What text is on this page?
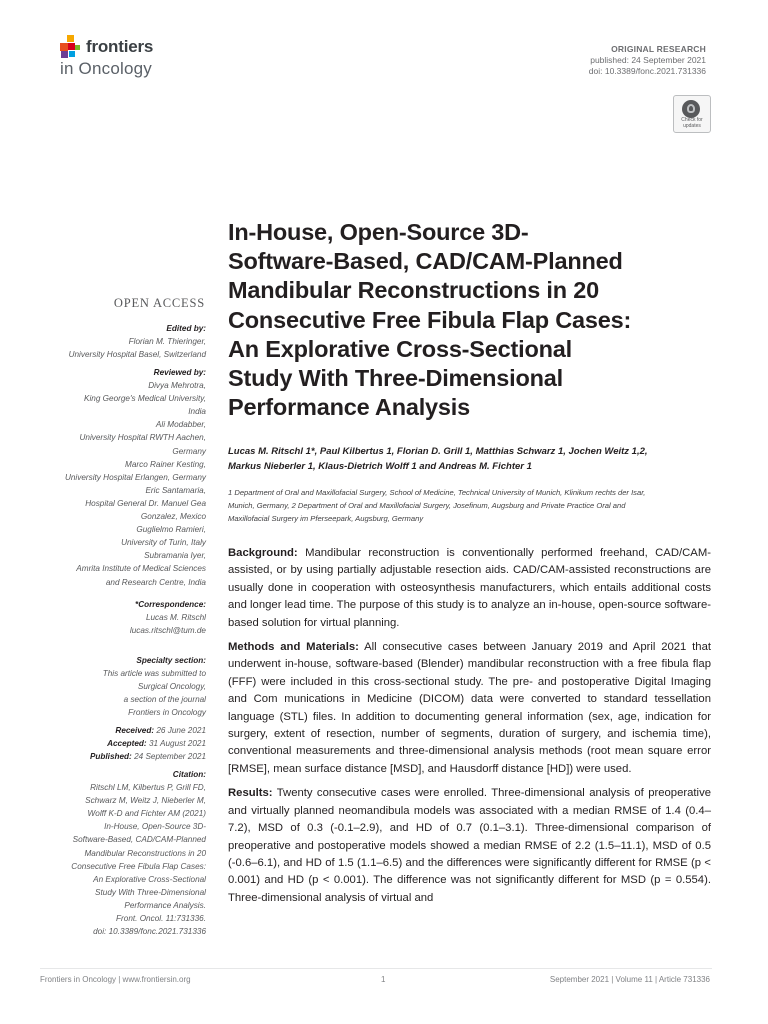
frontiers
in Oncology
ORIGINAL RESEARCH
published: 24 September 2021
doi: 10.3389/fonc.2021.731336
Check for
updates
OPEN ACCESS
Edited by:
Florian M. Thieringer,
University Hospital Basel, Switzerland
Reviewed by:
Divya Mehrotra,
King George's Medical University,
India
Ali Modabber,
University Hospital RWTH Aachen,
Germany
Marco Rainer Kesting,
University Hospital Erlangen, Germany
Eric Santamaria,
Hospital General Dr. Manuel Gea
Gonzalez, Mexico
Guglielmo Ramieri,
University of Turin, Italy
Subramania Iyer,
Amrita Institute of Medical Sciences
and Research Centre, India
*Correspondence:
Lucas M. Ritschl
lucas.ritschl@tum.de
Specialty section:
This article was submitted to
Surgical Oncology,
a section of the journal
Frontiers in Oncology
Received: 26 June 2021
Accepted: 31 August 2021
Published: 24 September 2021
Citation:
Ritschl LM, Kilbertus P, Grill FD,
Schwarz M, Weitz J, Nieberler M,
Wolff K-D and Fichter AM (2021)
In-House, Open-Source 3D-
Software-Based, CAD/CAM-Planned
Mandibular Reconstructions in 20
Consecutive Free Fibula Flap Cases:
An Explorative Cross-Sectional
Study With Three-Dimensional
Performance Analysis.
Front. Oncol. 11:731336.
doi: 10.3389/fonc.2021.731336
In-House, Open-Source 3D-
Software-Based, CAD/CAM-Planned
Mandibular Reconstructions in 20
Consecutive Free Fibula Flap Cases:
An Explorative Cross-Sectional
Study With Three-Dimensional
Performance Analysis
Lucas M. Ritschl 1*, Paul Kilbertus 1, Florian D. Grill 1, Matthias Schwarz 1, Jochen Weitz 1,2,
Markus Nieberler 1, Klaus-Dietrich Wolff 1 and Andreas M. Fichter 1
1 Department of Oral and Maxillofacial Surgery, School of Medicine, Technical University of Munich, Klinikum rechts der Isar,
Munich, Germany, 2 Department of Oral and Maxillofacial Surgery, Josefinum, Augsburg and Private Practice Oral and
Maxillofacial Surgery im Pferseepark, Augsburg, Germany

Background: Mandibular reconstruction is conventionally performed freehand, CAD/CAM-assisted, or by using partially adjustable resection aids. CAD/CAM-assisted reconstructions are usually done in cooperation with osteosynthesis manufacturers, which entails additional costs and longer lead time. The purpose of this study is to analyze an in-house, open-source software-based solution for virtual planning.

Methods and Materials: All consecutive cases between January 2019 and April 2021 that underwent in-house, software-based (Blender) mandibular reconstruction with a free fibula flap (FFF) were included in this cross-sectional study. The pre- and postoperative Digital Imaging and Com munications in Medicine (DICOM) data were converted to standard tessellation language (STL) files. In addition to documenting general information (sex, age, indication for surgery, extent of resection, number of segments, duration of surgery, and ischemia time), conventional measurements and three-dimensional analysis methods (root mean square error [RMSE], mean surface distance [MSD], and Hausdorff distance [HD]) were used.

Results: Twenty consecutive cases were enrolled. Three-dimensional analysis of preoperative and virtually planned neomandibula models was associated with a median RMSE of 1.4 (0.4–7.2), MSD of 0.3 (-0.1–2.9), and HD of 0.7 (0.1–3.1). Three-dimensional comparison of preoperative and postoperative models showed a median RMSE of 2.2 (1.5–11.1), MSD of 0.5 (-0.6–6.1), and HD of 1.5 (1.1–6.5) and the differences were significantly different for RMSE (p < 0.001) and HD (p < 0.001). The difference was not significantly different for MSD (p = 0.554). Three-dimensional analysis of virtual and

Frontiers in Oncology | www.frontiersin.org	1	September 2021 | Volume 11 | Article 731336
